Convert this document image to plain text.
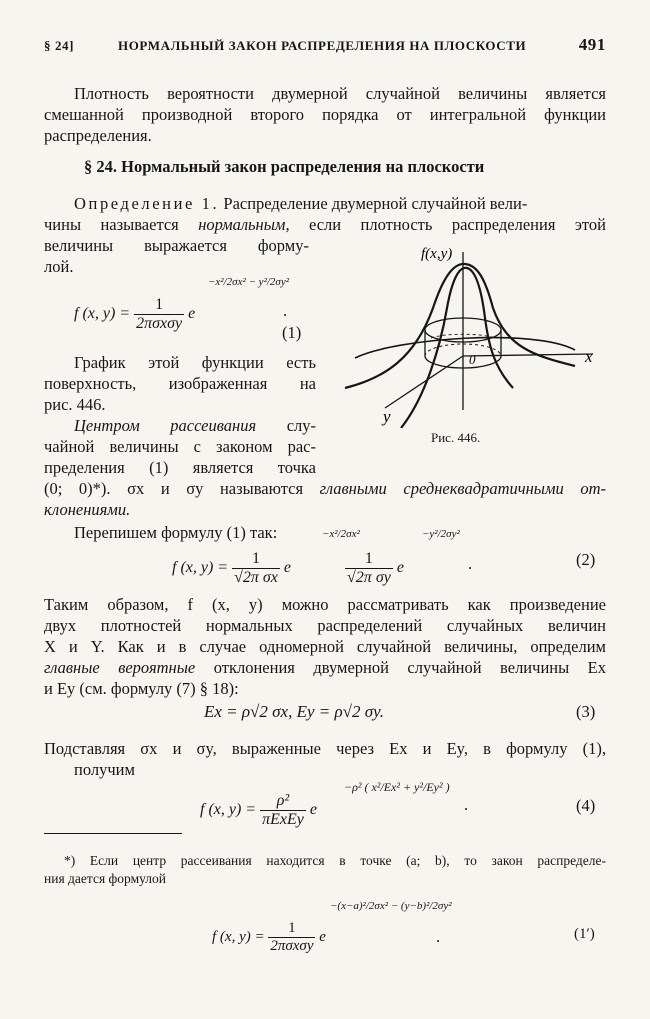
§ 24]	НОРМАЛЬНЫЙ ЗАКОН РАСПРЕДЕЛЕНИЯ НА ПЛОСКОСТИ	491
Плотность вероятности двумерной случайной величины является
смешанной производной второго порядка от интегральной функции
распределения.
§ 24. Нормальный закон распределения на плоскости
Определение 1. Распределение двумерной случайной вели-
чины называется нормальным, если плотность распределения этой
величины выражается форму-
лой.
f (x, $y) = \frac{1}{\text{2πσxσy}}$ e
−x²/2σx² − y²/2σy²
.
(1)
f(x,y)
x
y
0
Рис. 446.
График этой функции есть
поверхность, изображенная на
рис. 446.
Центром рассеивания слу-
чайной величины с законом рас-
пределения (1) является точка
(0; 0)*). σx и σy называются главными среднеквадратичными от-
клонениями.
Перепишем формулу (1) так:
f (x, $y) = \frac{1}{\text{√2π σx}}$ e	$\frac{1}{\text{√2π σy}}$ e
−x²/2σx²	−y²/2σy²
.	(2)
Таким образом, f (x, y) можно рассматривать как произведение
двух плотностей нормальных распределений случайных величин
X и Y. Как и в случае одномерной случайной величины, определим
главные вероятные отклонения двумерной случайной величины Ex
и Ey (см. формулу (7) § 18):
Ex = ρ√2 σx, Ey = ρ√2 σy.	(3)
Подставляя σx и σy, выраженные через Ex и Ey, в формулу (1),
получим
f (x, $y) = \frac{\text{ρ²}}{\text{πExEy}}$ e
−ρ² ( x²/Ex² + y²/Ey² )
.	(4)
*) Если центр рассеивания находится в точке (a; b), то закон распределе-
ния дается формулой
f (x, $y) = \frac{1}{\text{2πσxσy}}$ e
−(x−a)²/2σx² − (y−b)²/2σy²
.	(1′)
